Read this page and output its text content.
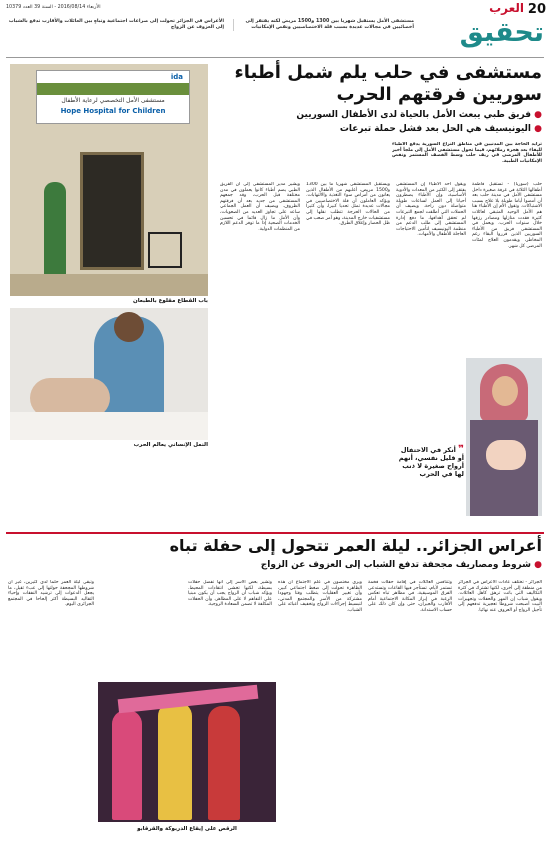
20
العرب
الأربعاء 2016/08/14 - السنة 39 العدد 10379
تحقيق
مستشفى الأمل يستقبل شهريا بين 1300 و1500 مريض لكنه يفتقر إلى أخصائيين في مجالات عديدة بسبب قلة الاختصاصيين ونقص الإمكانيات
الأعراس في الجزائر تحولت إلى صراعات اجتماعية وتباهٍ بين العائلات والأقارب تدفع بالشباب إلى العزوف عن الزواج
مستشفى في حلب يلم شمل أطباء سوريين فرقتهم الحرب
● فريق طبي يبعث الأمل بالحياة لدى الأطفال السوريين
● اليونيسيف هي الحل بعد فشل حملة تبرعات
تزايد الحاجة بين المدنيين في مناطق النزاع السورية يدفع الأطباء للبقاء بعد هجرة زملائهم، فيما تحول مستشفى الأمل إلى ملجأ أخير للأطفال المرضى في ريف حلب وسط القصف المستمر ونقص الإمكانيات الطبية.
ida
مستشفى الأمل التخصصي لرعاية الأطفال
Hope Hospital for Children
باب القطاع مقلوع بالطبعان
النمل الإنساني يعالم الحرب
حلب (سوريا) - تستقبل فاطمة أطفالها الثلاثة في غرفة صغيرة داخل مستشفى الأمل في مدينة حلب بعد أن أمضوا أياما طويلة بلا علاج بسبب الاشتباكات. وتقول الأم إن الأطباء هنا هم الأمل الوحيد المتبقي لعائلات كثيرة فقدت منازلها ومصادر رزقها خلال سنوات الحرب. ويعمل في المستشفى فريق من الأطباء السوريين الذين قرروا البقاء رغم المخاطر، ويقدمون العلاج لمئات المرضى كل شهر.
ويقول أحد الأطباء إن المستشفى يفتقر إلى الكثير من المعدات والأدوية الأساسية، وإن الأطباء يضطرون أحيانا إلى العمل لساعات طويلة متواصلة دون راحة. ويضيف أن الحملات التي أطلقت لجمع التبرعات لم تحقق أهدافها، ما دفع إدارة المستشفى إلى طلب الدعم من منظمة اليونيسيف لتأمين الاحتياجات العاجلة للأطفال والأمهات.
ويستقبل المستشفى شهريا ما بين 1300 و1500 مريض، أغلبهم من الأطفال الذين يعانون من أمراض سوء التغذية والالتهابات. ويؤكد العاملون أن قلة الاختصاصيين في مجالات عديدة تمثل تحديا كبيرا، وأن كثيرا من الحالات الحرجة تتطلب نقلها إلى مستشفيات خارج المدينة، وهو أمر صعب في ظل الحصار وإغلاق الطرق.
ويشير مدير المستشفى إلى أن الفريق الطبي يضم أطباء كانوا يعملون في مدن مختلفة قبل الحرب، وقد جمعهم المستشفى من جديد بعد أن فرقتهم الظروف. ويضيف أن العمل الجماعي ساعد على تجاوز العديد من الصعوبات، وأن الأمل ما زال قائما في تحسين الخدمات الصحية إذا ما توفر الدعم اللازم من المنظمات الدولية.
❞ أنكر في الاحتفال أو قليل نفسي، أنهم أرواح صغيرة لا ذنب لها في الحرب
أعراس الجزائر.. ليلة العمر تتحول إلى حفلة تباه
● شروط ومصاريف مجحفة تدفع الشباب إلى العزوف عن الزواج
الجزائر - تختلف عادات الأعراس في الجزائر من منطقة إلى أخرى، لكنها تشترك في كثرة التكاليف التي باتت ترهق كاهل العائلات. ويقول شباب إن المهر والحفلات وتجهيزات البيت أصبحت شروطا تعجيزية تدفعهم إلى تأجيل الزواج أو العزوف عنه نهائيا.
وتتنافس العائلات في إقامة حفلات فخمة تستمر لأيام، تستأجر فيها القاعات وتستدعى الفرق الموسيقية، في مظاهر تباه تعكس الرغبة في إبراز المكانة الاجتماعية أمام الأقارب والجيران، حتى وإن كان ذلك على حساب الاستدانة.
ويرى مختصون في علم الاجتماع أن هذه الظاهرة تحولت إلى ضغط اجتماعي كبير، وأن تغيير العقليات يتطلب وقتا وجهودا مشتركة من الأسر والمجتمع المدني، لتبسيط إجراءات الزواج وتخفيف أعبائه على الشباب.
وتشير بعض الأسر إلى أنها تفضل حفلات بسيطة، لكنها تخشى انتقادات المحيط. ويؤكد شباب أن الزواج يجب أن يكون مبنيا على التفاهم لا على المظاهر، وأن الحفلات المكلفة لا تضمن السعادة الزوجية.
وتبقى ليلة العمر حلما لدى كثيرين، غير أن شروطها المجحفة حولتها إلى عبء ثقيل، ما يجعل الدعوات إلى ترشيد النفقات وإحياء التقاليد البسيطة أكثر إلحاحا في المجتمع الجزائري اليوم.
الرقص على إيقاع الدربوكة والقرقابو
